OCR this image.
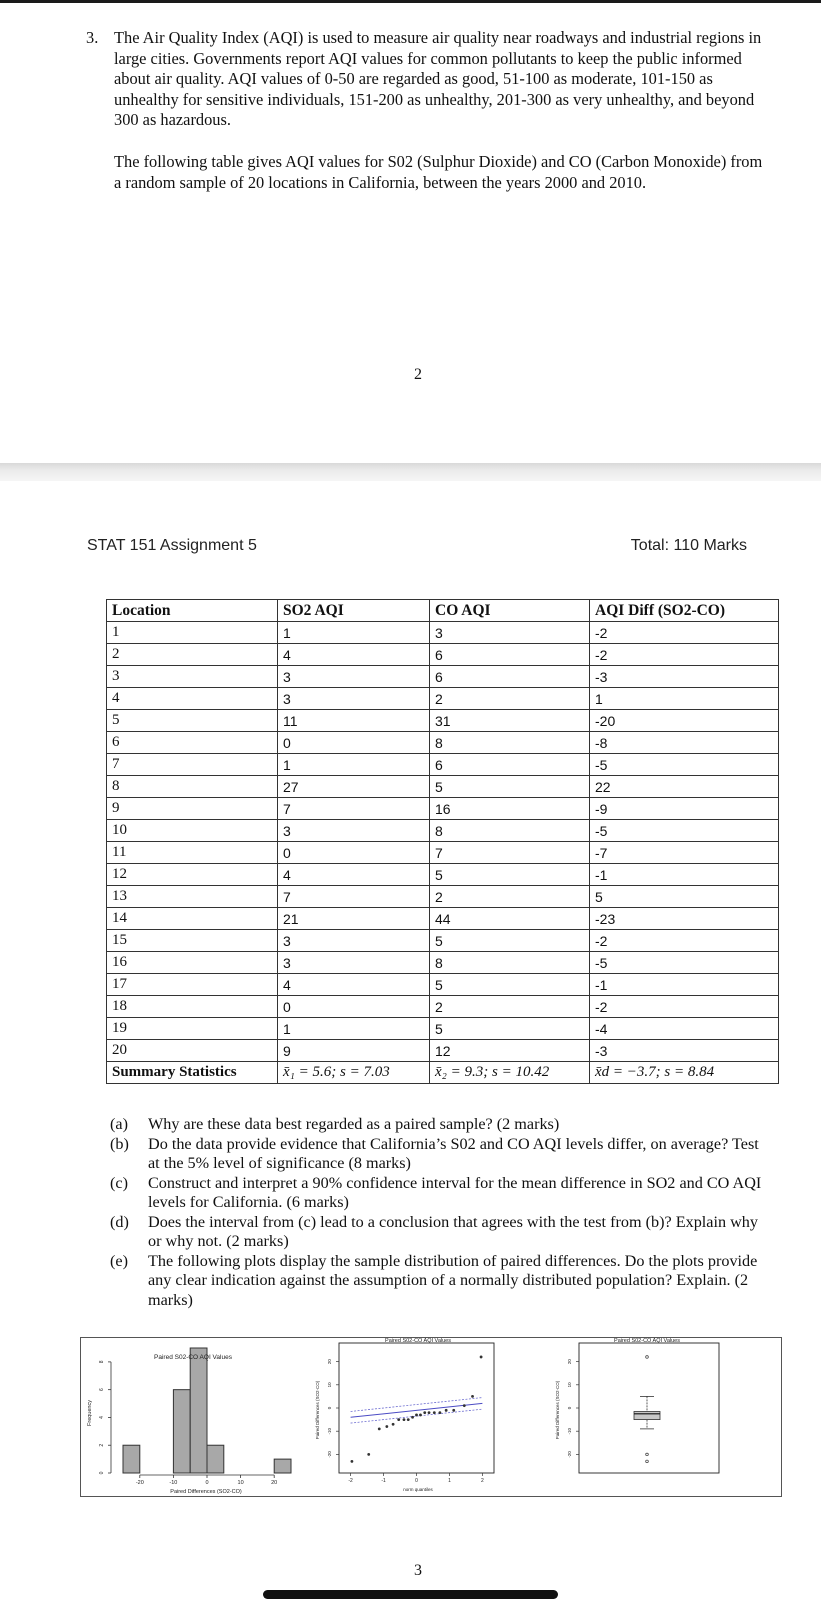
3. The Air Quality Index (AQI) is used to measure air quality near roadways and industrial regions in large cities. Governments report AQI values for common pollutants to keep the public informed about air quality. AQI values of 0-50 are regarded as good, 51-100 as moderate, 101-150 as unhealthy for sensitive individuals, 151-200 as unhealthy, 201-300 as very unhealthy, and beyond 300 as hazardous.
The following table gives AQI values for S02 (Sulphur Dioxide) and CO (Carbon Monoxide) from a random sample of 20 locations in California, between the years 2000 and 2010.
2
STAT 151 Assignment 5	Total: 110 Marks
Location	SO2 AQI	CO AQI	AQI Diff (SO2-CO)
1	1	3	-2
2	4	6	-2
3	3	6	-3
4	3	2	1
5	11	31	-20
6	0	8	-8
7	1	6	-5
8	27	5	22
9	7	16	-9
10	3	8	-5
11	0	7	-7
12	4	5	-1
13	7	2	5
14	21	44	-23
15	3	5	-2
16	3	8	-5
17	4	5	-1
18	0	2	-2
19	1	5	-4
20	9	12	-3
Summary Statistics	x̄₁ = 5.6; s = 7.03	x̄₂ = 9.3; s = 10.42	x̄d = −3.7; s = 8.84
(a) Why are these data best regarded as a paired sample? (2 marks)
(b) Do the data provide evidence that California’s S02 and CO AQI levels differ, on average? Test at the 5% level of significance (8 marks)
(c) Construct and interpret a 90% confidence interval for the mean difference in SO2 and CO AQI levels for California. (6 marks)
(d) Does the interval from (c) lead to a conclusion that agrees with the test from (b)? Explain why or why not. (2 marks)
(e) The following plots display the sample distribution of paired differences. Do the plots provide any clear indication against the assumption of a normally distributed population? Explain. (2 marks)
-20	-10	0	10	20
0
2
4
6
8
Paired S02-CO AQI Values
Paired Differences (SO2-CO)
Frequency
-2	-1	0	1	2
-20
-10
0
10
20
Paired S02-CO AQI Values
norm quantiles
Paired Differences (SO2-CO)
-20
-10
0
10
20
Paired S02-CO AQI Values
Paired Differences (SO2-CO)
3
